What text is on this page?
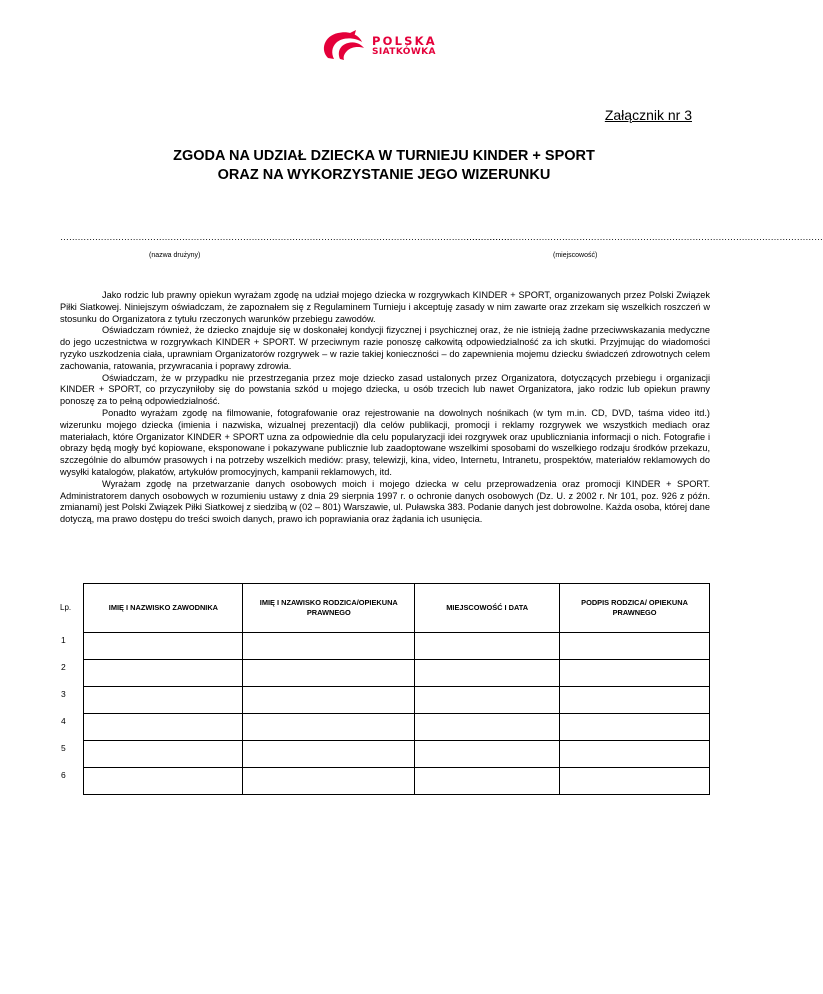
POLSKA
SIATKÓWKA
Załącznik nr 3
ZGODA NA UDZIAŁ DZIECKA W TURNIEJU KINDER + SPORT
ORAZ NA WYKORZYSTANIE JEGO WIZERUNKU
…………………………………………………………………………………………………………………………………………
(nazwa drużyny)
……………………………………………………………………………………………………………
(miejscowość)

Jako rodzic lub prawny opiekun wyrażam zgodę na udział mojego dziecka w rozgrywkach KINDER + SPORT, organizowanych przez Polski Związek Piłki Siatkowej. Niniejszym oświadczam, że zapoznałem się z Regulaminem Turnieju i akceptuję zasady w nim zawarte oraz zrzekam się wszelkich roszczeń w stosunku do Organizatora z tytułu rzeczonych warunków przebiegu zawodów.

Oświadczam również, że dziecko znajduje się w doskonałej kondycji fizycznej i psychicznej oraz, że nie istnieją żadne przeciwwskazania medyczne do jego uczestnictwa w rozgrywkach KINDER + SPORT. W przeciwnym razie ponoszę całkowitą odpowiedzialność za ich skutki. Przyjmując do wiadomości ryzyko uszkodzenia ciała, uprawniam Organizatorów rozgrywek – w razie takiej konieczności – do zapewnienia mojemu dziecku świadczeń zdrowotnych celem zachowania, ratowania, przywracania i poprawy zdrowia.

Oświadczam, że w przypadku nie przestrzegania przez moje dziecko zasad ustalonych przez Organizatora, dotyczących przebiegu i organizacji KINDER + SPORT, co przyczyniłoby się do powstania szkód u mojego dziecka, u osób trzecich lub nawet Organizatora, jako rodzic lub opiekun prawny ponoszę za to pełną odpowiedzialność.

Ponadto wyrażam zgodę na filmowanie, fotografowanie oraz rejestrowanie na dowolnych nośnikach (w tym m.in. CD, DVD, taśma video itd.) wizerunku mojego dziecka (imienia i nazwiska, wizualnej prezentacji) dla celów publikacji, promocji i reklamy rozgrywek we wszystkich mediach oraz materiałach, które Organizator KINDER + SPORT uzna za odpowiednie dla celu popularyzacji idei rozgrywek oraz upubliczniania informacji o nich. Fotografie i obrazy będą mogły być kopiowane, eksponowane i pokazywane publicznie lub zaadoptowane wszelkimi sposobami do wszelkiego rodzaju środków przekazu, szczególnie do albumów prasowych i na potrzeby wszelkich mediów: prasy, telewizji, kina, video, Internetu, Intranetu, prospektów, materiałów reklamowych do wysyłki katalogów, plakatów, artykułów promocyjnych, kampanii reklamowych, itd.

Wyrażam zgodę na przetwarzanie danych osobowych moich i mojego dziecka w celu przeprowadzenia oraz promocji KINDER + SPORT. Administratorem danych osobowych w rozumieniu ustawy z dnia 29 sierpnia 1997 r. o ochronie danych osobowych (Dz. U. z 2002 r. Nr 101, poz. 926 z późn. zmianami) jest Polski Związek Piłki Siatkowej z siedzibą w (02 – 801) Warszawie, ul. Puławska 383. Podanie danych jest dobrowolne. Każda osoba, której dane dotyczą, ma prawo dostępu do treści swoich danych, prawo ich poprawiania oraz żądania ich usunięcia.

Lp.	IMIĘ I NAZWISKO ZAWODNIKA	IMIĘ I NZAWISKO RODZICA/OPIEKUNA PRAWNEGO	MIEJSCOWOŚĆ I DATA	PODPIS RODZICA/ OPIEKUNA PRAWNEGO
1				
2				
3				
4				
5				
6				
